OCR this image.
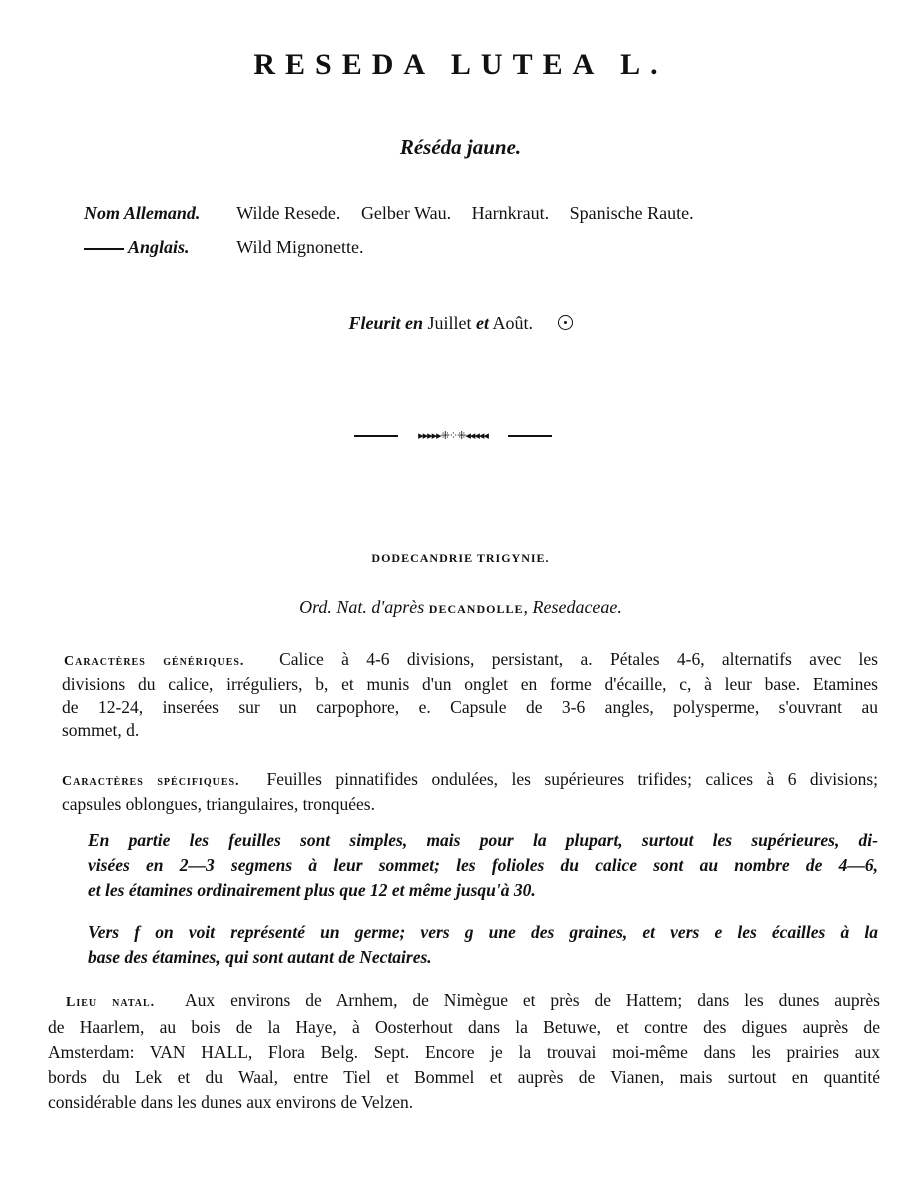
RESEDA LUTEA L.
Réséda jaune.
Nom Allemand. Wilde Resede. Gelber Wau. Harnkraut. Spanische Raute.
Anglais.	Wild Mignonette.
Fleurit en Juillet et Août.
▸▸▸▸▸⁜⁘⁜◂◂◂◂◂
DODECANDRIE TRIGYNIE.
Ord. Nat. d'après DECANDOLLE, Resedaceae.
Caractères génériques. Calice à 4-6 divisions, persistant, a. Pétales 4-6, alternatifs avec les
divisions du calice, irréguliers, b, et munis d'un onglet en forme d'écaille, c, à leur base. Etamines
de 12-24, inserées sur un carpophore, e. Capsule de 3-6 angles, polysperme, s'ouvrant au
sommet, d.
Caractères spécifiques. Feuilles pinnatifides ondulées, les supérieures trifides; calices à 6 divisions;
capsules oblongues, triangulaires, tronquées.
En partie les feuilles sont simples, mais pour la plupart, surtout les supérieures, di-
visées en 2—3 segmens à leur sommet; les folioles du calice sont au nombre de 4—6,
et les étamines ordinairement plus que 12 et même jusqu'à 30.
Vers f on voit représenté un germe; vers g une des graines, et vers e les écailles à la
base des étamines, qui sont autant de Nectaires.
Lieu natal. Aux environs de Arnhem, de Nimègue et près de Hattem; dans les dunes auprès
de Haarlem, au bois de la Haye, à Oosterhout dans la Betuwe, et contre des digues auprès de
Amsterdam: VAN HALL, Flora Belg. Sept. Encore je la trouvai moi-même dans les prairies aux
bords du Lek et du Waal, entre Tiel et Bommel et auprès de Vianen, mais surtout en quantité
considérable dans les dunes aux environs de Velzen.
